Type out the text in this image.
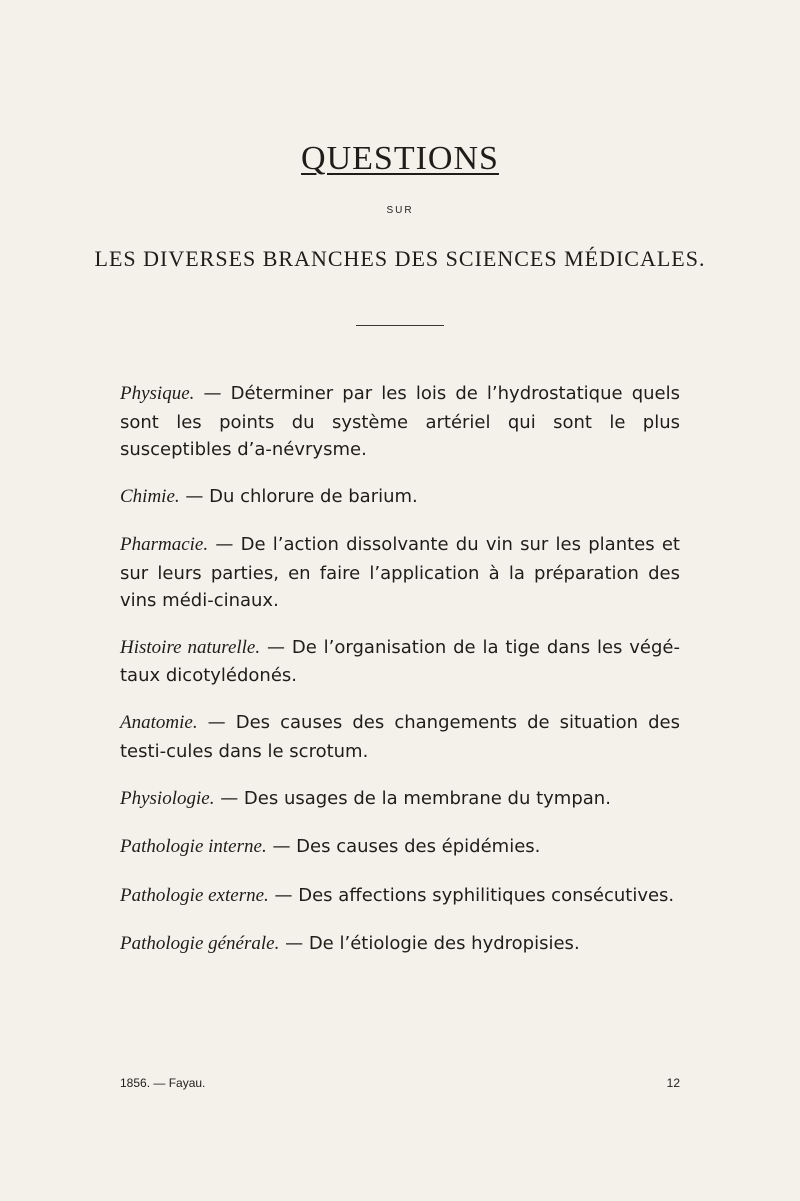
QUESTIONS
SUR
LES DIVERSES BRANCHES DES SCIENCES MÉDICALES.

Physique. — Déterminer par les lois de l’hydrostatique quels sont les points du système artériel qui sont le plus susceptibles d’a-névrysme.

Chimie. — Du chlorure de barium.

Pharmacie. — De l’action dissolvante du vin sur les plantes et sur leurs parties, en faire l’application à la préparation des vins médi-cinaux.

Histoire naturelle. — De l’organisation de la tige dans les végé-taux dicotylédonés.

Anatomie. — Des causes des changements de situation des testi-cules dans le scrotum.

Physiologie. — Des usages de la membrane du tympan.

Pathologie interne. — Des causes des épidémies.

Pathologie externe. — Des affections syphilitiques consécutives.

Pathologie générale. — De l’étiologie des hydropisies.

1856. — Fayau.	12
